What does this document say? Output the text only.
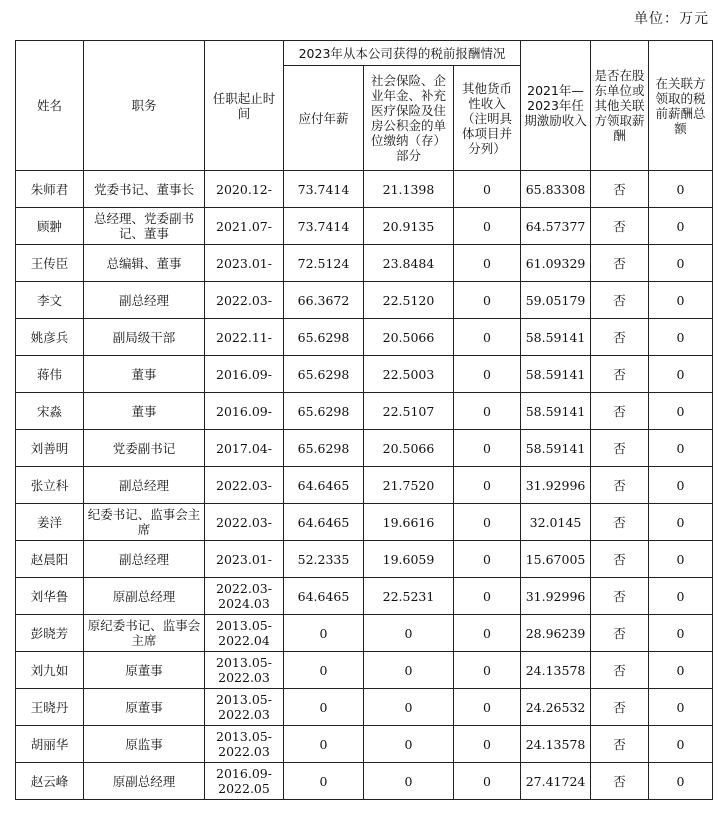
单位：万元
姓名	职务	任职起止时间	2023年从本公司获得的税前报酬情况			2021年—2023年任期激励收入	是否在股东单位或其他关联方领取薪酬	在关联方领取的税前薪酬总额
			应付年薪	社会保险、企业年金、补充医疗保险及住房公积金的单位缴纳（存）部分	其他货币性收入（注明具体项目并分列）			
朱师君	党委书记、董事长	2020.12-	73.7414	21.1398	0	65.83308	否	0
顾翀	总经理、党委副书记、董事	2021.07-	73.7414	20.9135	0	64.57377	否	0
王传臣	总编辑、董事	2023.01-	72.5124	23.8484	0	61.09329	否	0
李文	副总经理	2022.03-	66.3672	22.5120	0	59.05179	否	0
姚彦兵	副局级干部	2022.11-	65.6298	20.5066	0	58.59141	否	0
蒋伟	董事	2016.09-	65.6298	22.5003	0	58.59141	否	0
宋淼	董事	2016.09-	65.6298	22.5107	0	58.59141	否	0
刘善明	党委副书记	2017.04-	65.6298	20.5066	0	58.59141	否	0
张立科	副总经理	2022.03-	64.6465	21.7520	0	31.92996	否	0
姜洋	纪委书记、监事会主席	2022.03-	64.6465	19.6616	0	32.0145	否	0
赵晨阳	副总经理	2023.01-	52.2335	19.6059	0	15.67005	否	0
刘华鲁	原副总经理	2022.03-2024.03	64.6465	22.5231	0	31.92996	否	0
彭晓芳	原纪委书记、监事会主席	2013.05-2022.04	0	0	0	28.96239	否	0
刘九如	原董事	2013.05-2022.03	0	0	0	24.13578	否	0
王晓丹	原董事	2013.05-2022.03	0	0	0	24.26532	否	0
胡丽华	原监事	2013.05-2022.03	0	0	0	24.13578	否	0
赵云峰	原副总经理	2016.09-2022.05	0	0	0	27.41724	否	0
